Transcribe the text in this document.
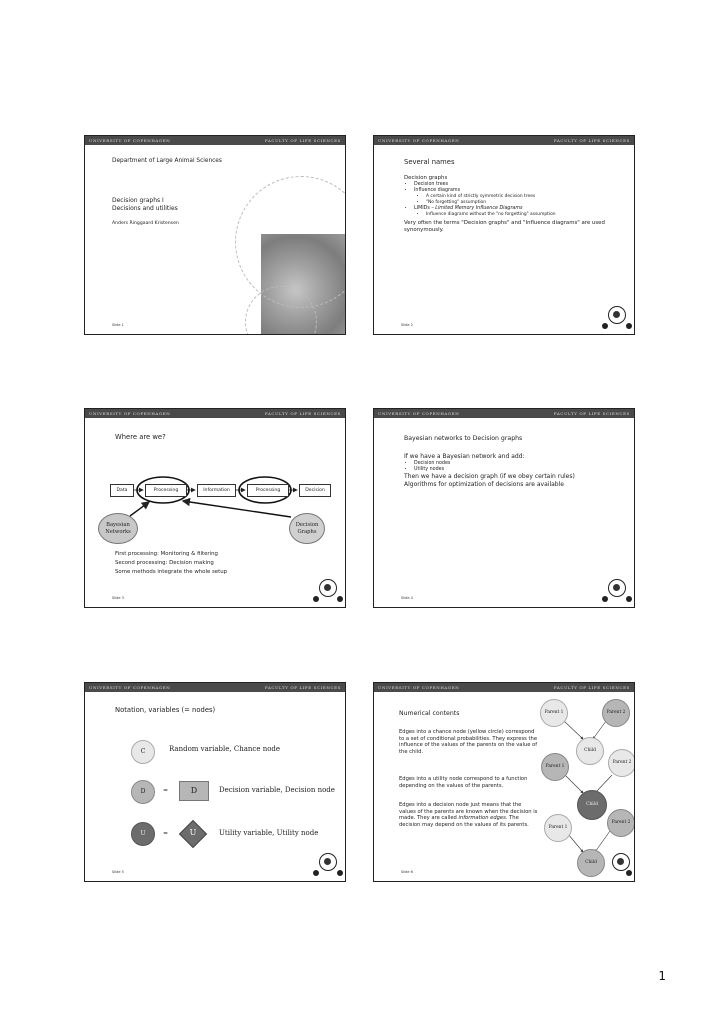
UNIVERSITY OF COPENHAGEN	FACULTY OF LIFE SCIENCES
Department of Large Animal Sciences
Decision graphs I
Decisions and utilities
Anders Ringgaard Kristensen
Slide 1
UNIVERSITY OF COPENHAGEN	FACULTY OF LIFE SCIENCES
Several names
Decision graphs
• Decision trees
• Influence diagrams
• A certain kind of strictly symmetric decision trees
• "No forgetting" assumption
• LIMIDs – Limited Memory Influence Diagrams
• Influence diagrams without the "no forgetting" assumption
Very often the terms "Decision graphs" and "Influence diagrams" are used synonymously.
Slide 2
UNIVERSITY OF COPENHAGEN	FACULTY OF LIFE SCIENCES
Where are we?
Data	Processing	Information	Processing	Decision
Bayesian Networks
Decision Graphs
First processing: Monitoring & filtering
Second processing: Decision making
Some methods integrate the whole setup
Slide 3
UNIVERSITY OF COPENHAGEN	FACULTY OF LIFE SCIENCES
Bayesian networks to Decision graphs
If we have a Bayesian network and add:
• Decision nodes
• Utility nodes
Then we have a decision graph (if we obey certain rules)
Algorithms for optimization of decisions are available
Slide 4
UNIVERSITY OF COPENHAGEN	FACULTY OF LIFE SCIENCES
Notation, variables (= nodes)
C	Random variable, Chance node
D	=	D	Decision variable, Decision node
U	=	U	Utility variable, Utility node
Slide 5
UNIVERSITY OF COPENHAGEN	FACULTY OF LIFE SCIENCES
Numerical contents
Edges into a chance node (yellow circle) correspond to a set of conditional probabilities. They express the influence of the values of the parents on the value of the child.
Edges into a utility node correspond to a function depending on the values of the parents.
Edges into a decision node just means that the values of the parents are known when the decision is made. They are called information edges. The decision may depend on the values of its parents.
Parent 1	Parent 2
Child
Parent 1
Parent 2
Child
Parent 1
Parent 2
Child
Slide 6
1
